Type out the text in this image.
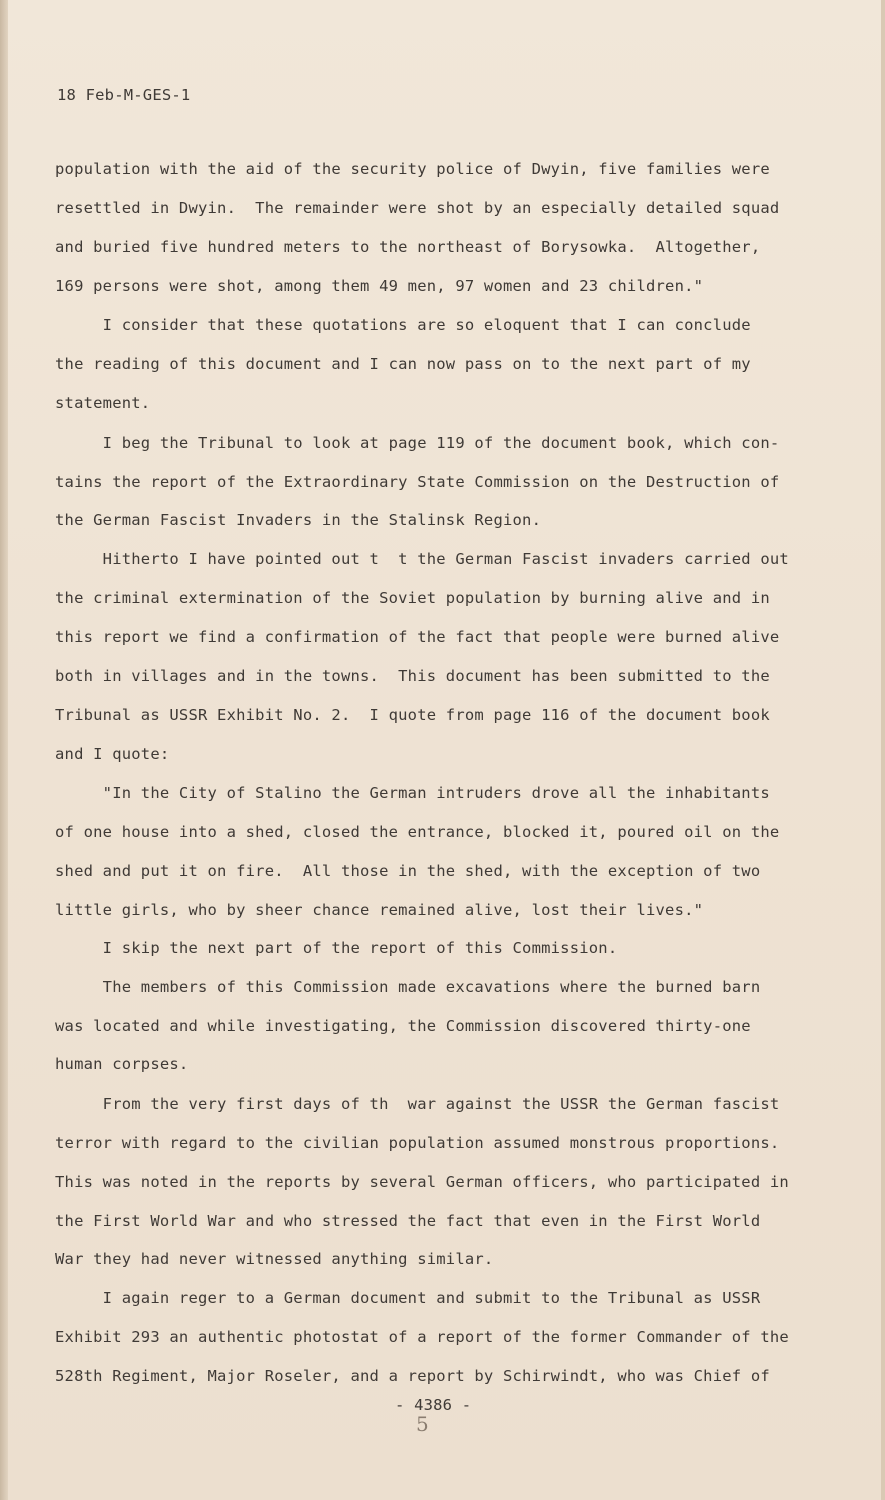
18 Feb-M-GES-1
population with the aid of the security police of Dwyin, five families were
resettled in Dwyin.  The remainder were shot by an especially detailed squad
and buried five hundred meters to the northeast of Borysowka.  Altogether,
169 persons were shot, among them 49 men, 97 women and 23 children."
I consider that these quotations are so eloquent that I can conclude
the reading of this document and I can now pass on to the next part of my
statement.
I beg the Tribunal to look at page 119 of the document book, which con-
tains the report of the Extraordinary State Commission on the Destruction of
the German Fascist Invaders in the Stalinsk Region.
Hitherto I have pointed out t  t the German Fascist invaders carried out
the criminal extermination of the Soviet population by burning alive and in
this report we find a confirmation of the fact that people were burned alive
both in villages and in the towns.  This document has been submitted to the
Tribunal as USSR Exhibit No. 2.  I quote from page 116 of the document book
and I quote:
"In the City of Stalino the German intruders drove all the inhabitants
of one house into a shed, closed the entrance, blocked it, poured oil on the
shed and put it on fire.  All those in the shed, with the exception of two
little girls, who by sheer chance remained alive, lost their lives."
I skip the next part of the report of this Commission.
The members of this Commission made excavations where the burned barn
was located and while investigating, the Commission discovered thirty-one
human corpses.
From the very first days of th  war against the USSR the German fascist
terror with regard to the civilian population assumed monstrous proportions.
This was noted in the reports by several German officers, who participated in
the First World War and who stressed the fact that even in the First World
War they had never witnessed anything similar.
I again reger to a German document and submit to the Tribunal as USSR
Exhibit 293 an authentic photostat of a report of the former Commander of the
528th Regiment, Major Roseler, and a report by Schirwindt, who was Chief of
- 4386 -
5
